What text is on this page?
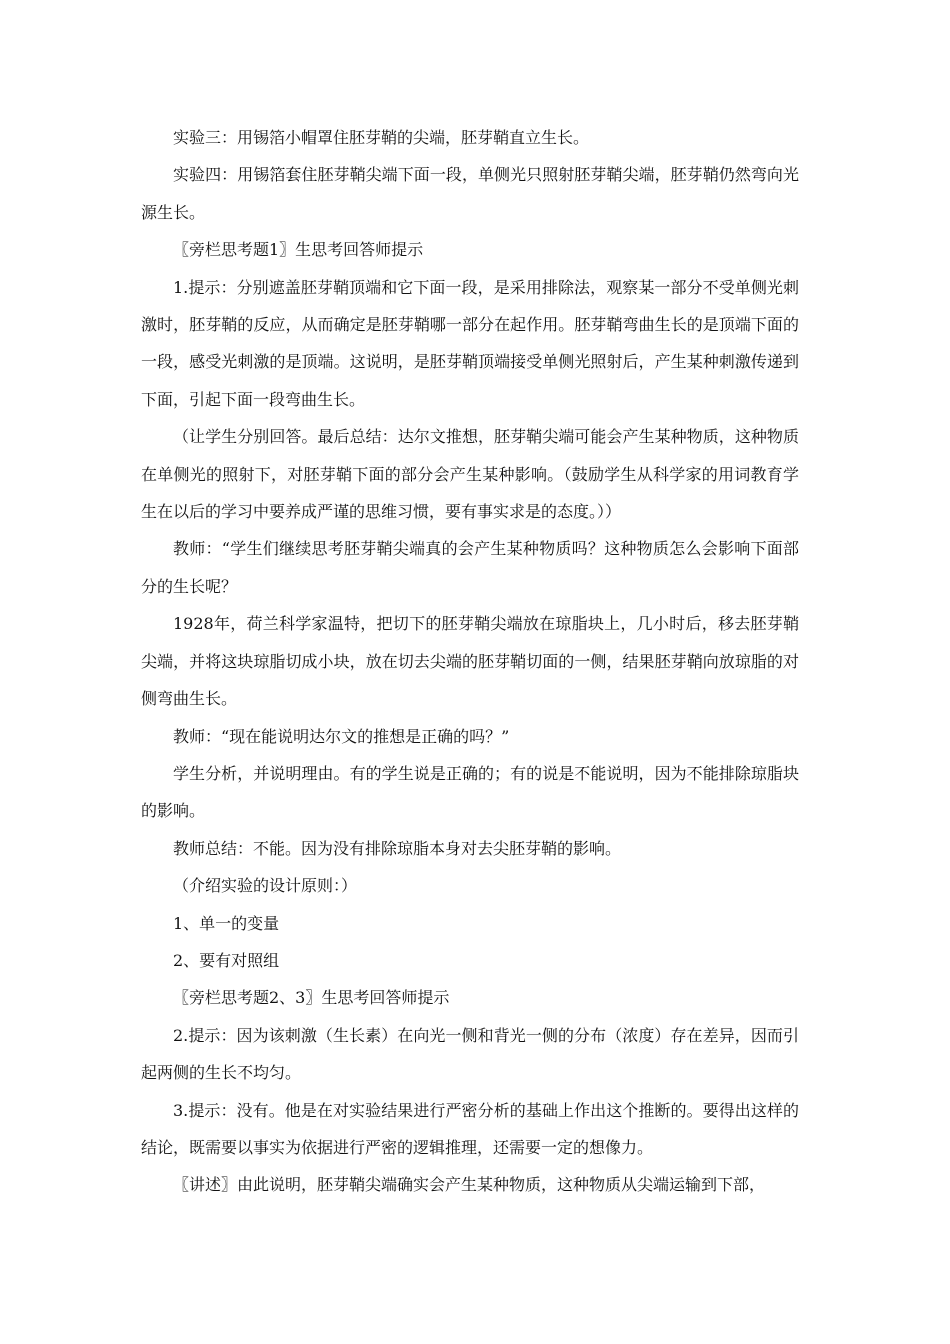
实验三：用锡箔小帽罩住胚芽鞘的尖端，胚芽鞘直立生长。

实验四：用锡箔套住胚芽鞘尖端下面一段，单侧光只照射胚芽鞘尖端，胚芽鞘仍然弯向光源生长。

〖旁栏思考题1〗生思考回答师提示

1.提示：分别遮盖胚芽鞘顶端和它下面一段，是采用排除法，观察某一部分不受单侧光刺激时，胚芽鞘的反应，从而确定是胚芽鞘哪一部分在起作用。胚芽鞘弯曲生长的是顶端下面的一段，感受光刺激的是顶端。这说明，是胚芽鞘顶端接受单侧光照射后，产生某种刺激传递到下面，引起下面一段弯曲生长。

（让学生分别回答。最后总结：达尔文推想，胚芽鞘尖端可能会产生某种物质，这种物质在单侧光的照射下，对胚芽鞘下面的部分会产生某种影响。（鼓励学生从科学家的用词教育学生在以后的学习中要养成严谨的思维习惯，要有事实求是的态度。））

教师：“学生们继续思考胚芽鞘尖端真的会产生某种物质吗？这种物质怎么会影响下面部分的生长呢？

1928年，荷兰科学家温特，把切下的胚芽鞘尖端放在琼脂块上，几小时后，移去胚芽鞘尖端，并将这块琼脂切成小块，放在切去尖端的胚芽鞘切面的一侧，结果胚芽鞘向放琼脂的对侧弯曲生长。

教师：“现在能说明达尔文的推想是正确的吗？”

学生分析，并说明理由。有的学生说是正确的；有的说是不能说明，因为不能排除琼脂块的影响。

教师总结：不能。因为没有排除琼脂本身对去尖胚芽鞘的影响。

（介绍实验的设计原则：）

1、单一的变量

2、要有对照组

〖旁栏思考题2、3〗生思考回答师提示

2.提示：因为该刺激（生长素）在向光一侧和背光一侧的分布（浓度）存在差异，因而引起两侧的生长不均匀。

3.提示：没有。他是在对实验结果进行严密分析的基础上作出这个推断的。要得出这样的结论，既需要以事实为依据进行严密的逻辑推理，还需要一定的想像力。

〖讲述〗由此说明，胚芽鞘尖端确实会产生某种物质，这种物质从尖端运输到下部，
